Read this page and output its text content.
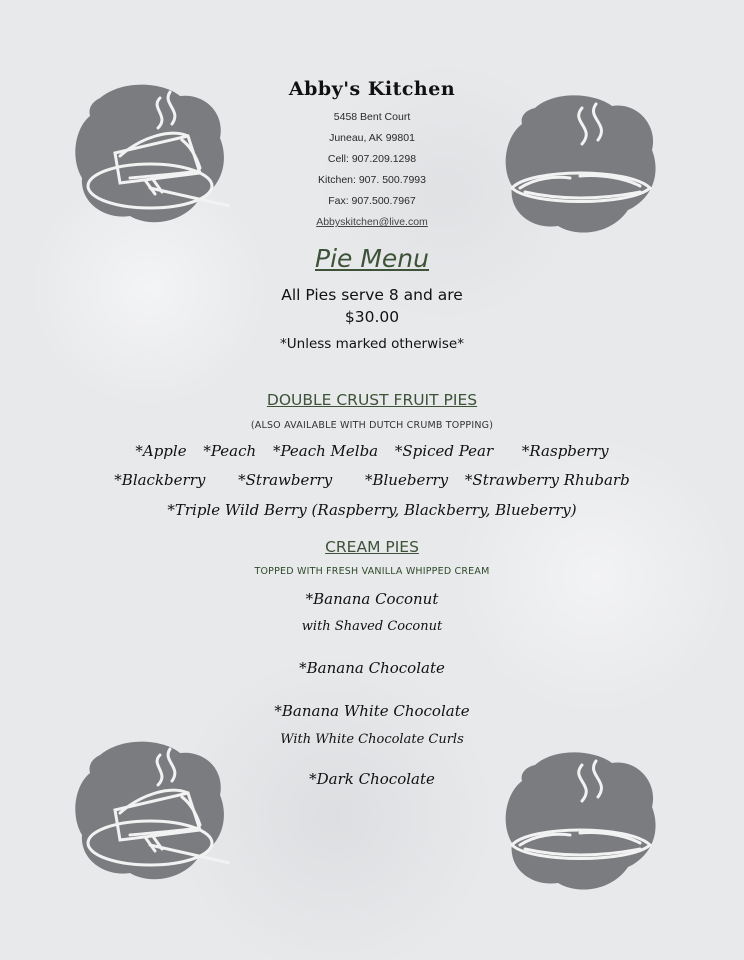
Abby's Kitchen
5458 Bent Court
Juneau, AK 99801
Cell: 907.209.1298
Kitchen: 907. 500.7993
Fax: 907.500.7967
Abbyskitchen@live.com
Pie Menu
All Pies serve 8 and are
$30.00
*Unless marked otherwise*
DOUBLE CRUST FRUIT PIES
(ALSO AVAILABLE WITH DUTCH CRUMB TOPPING)
*Apple *Peach *Peach Melba *Spiced Pear *Raspberry
*Blackberry *Strawberry *Blueberry *Strawberry Rhubarb
*Triple Wild Berry (Raspberry, Blackberry, Blueberry)
CREAM PIES
TOPPED WITH FRESH VANILLA WHIPPED CREAM
*Banana Coconut
with Shaved Coconut
*Banana Chocolate
*Banana White Chocolate
With White Chocolate Curls
*Dark Chocolate
